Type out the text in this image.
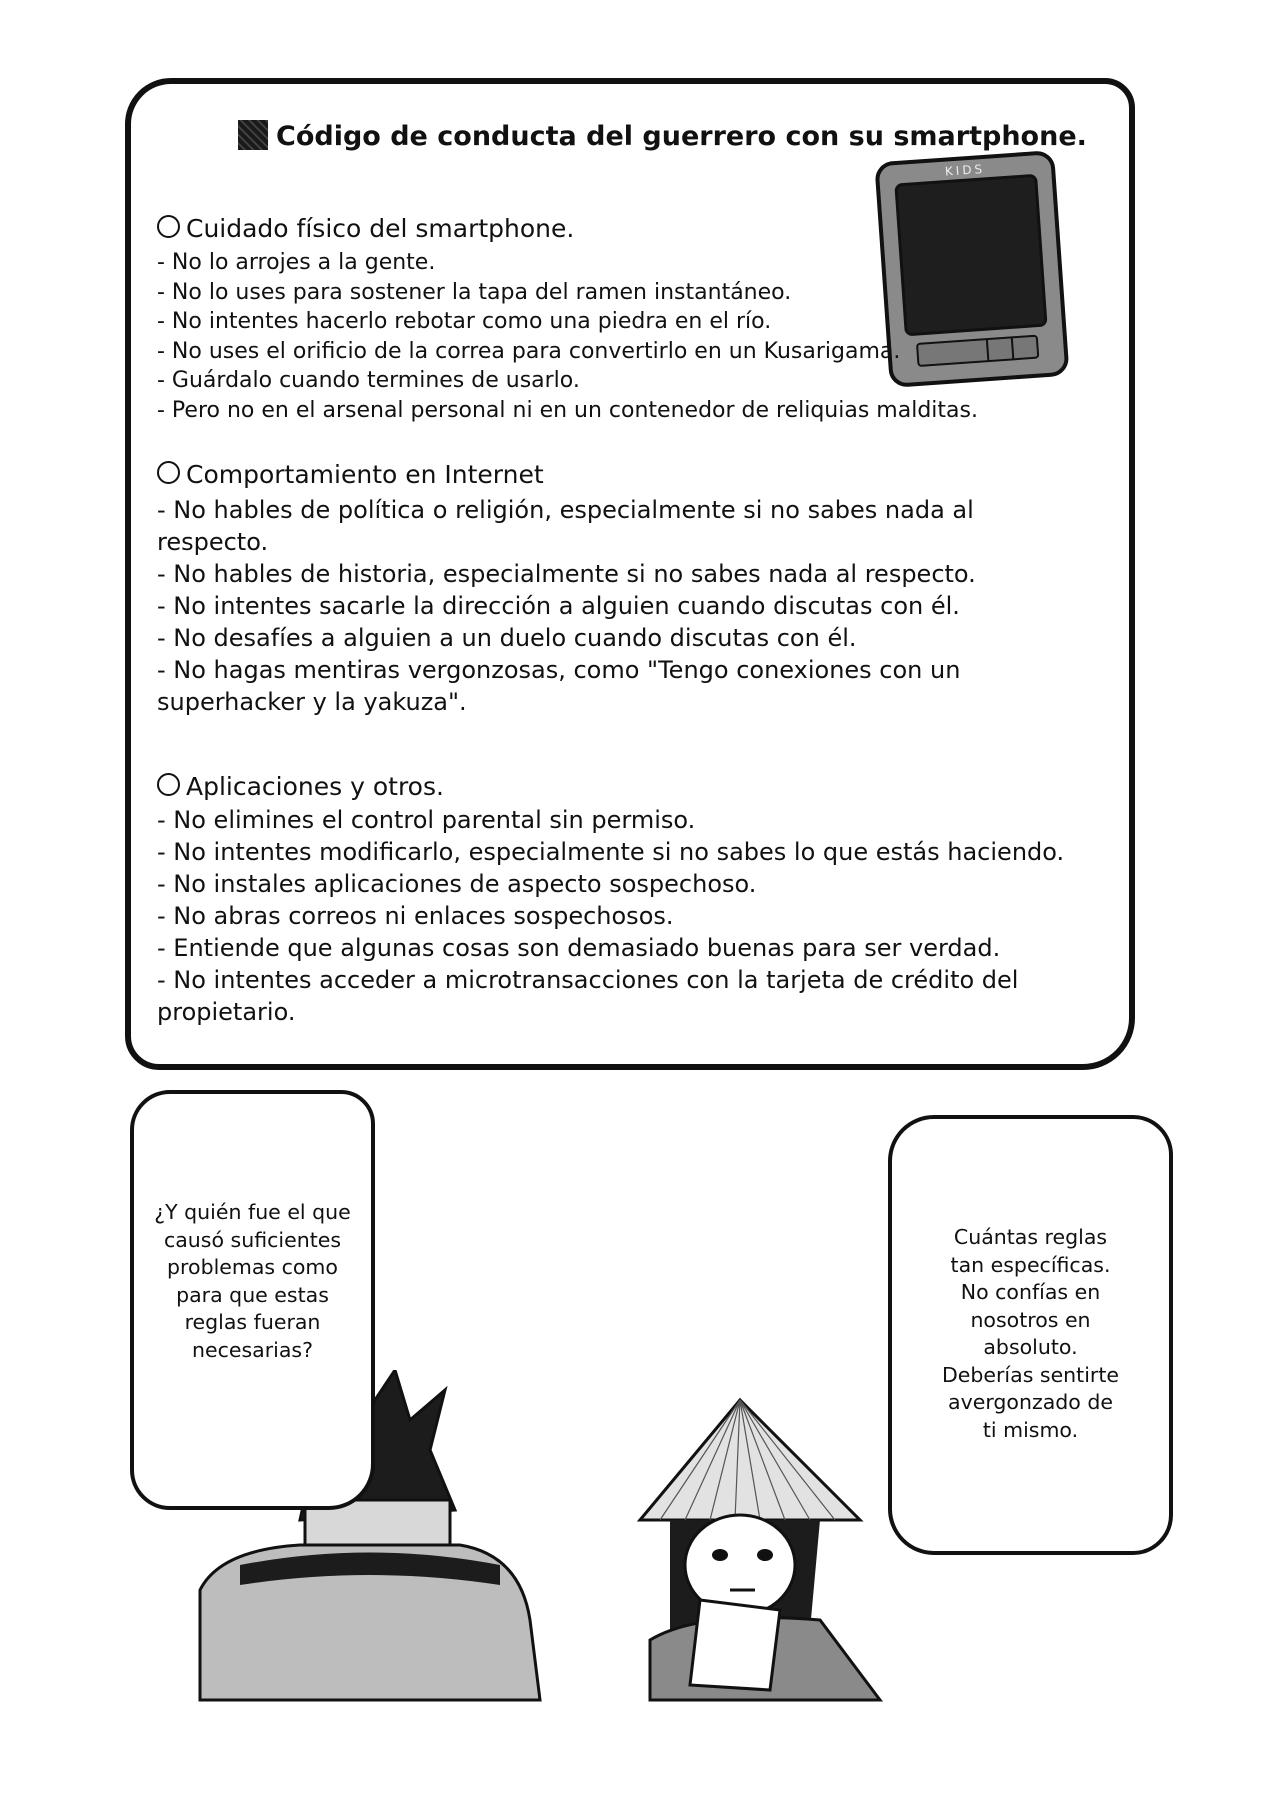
Código de conducta del guerrero con su smartphone.
KIDS
Cuidado físico del smartphone.
- No lo arrojes a la gente.
- No lo uses para sostener la tapa del ramen instantáneo.
- No intentes hacerlo rebotar como una piedra en el río.
- No uses el orificio de la correa para convertirlo en un Kusarigama.
- Guárdalo cuando termines de usarlo.
- Pero no en el arsenal personal ni en un contenedor de reliquias malditas.
Comportamiento en Internet
- No hables de política o religión, especialmente si no sabes nada al
respecto.
- No hables de historia, especialmente si no sabes nada al respecto.
- No intentes sacarle la dirección a alguien cuando discutas con él.
- No desafíes a alguien a un duelo cuando discutas con él.
- No hagas mentiras vergonzosas, como "Tengo conexiones con un
superhacker y la yakuza".
Aplicaciones y otros.
- No elimines el control parental sin permiso.
- No intentes modificarlo, especialmente si no sabes lo que estás haciendo.
- No instales aplicaciones de aspecto sospechoso.
- No abras correos ni enlaces sospechosos.
- Entiende que algunas cosas son demasiado buenas para ser verdad.
- No intentes acceder a microtransacciones con la tarjeta de crédito del
propietario.
¿Y quién fue el que
causó suficientes
problemas como
para que estas
reglas fueran
necesarias?
Cuántas reglas
tan específicas.
No confías en
nosotros en
absoluto.
Deberías sentirte
avergonzado de
ti mismo.
